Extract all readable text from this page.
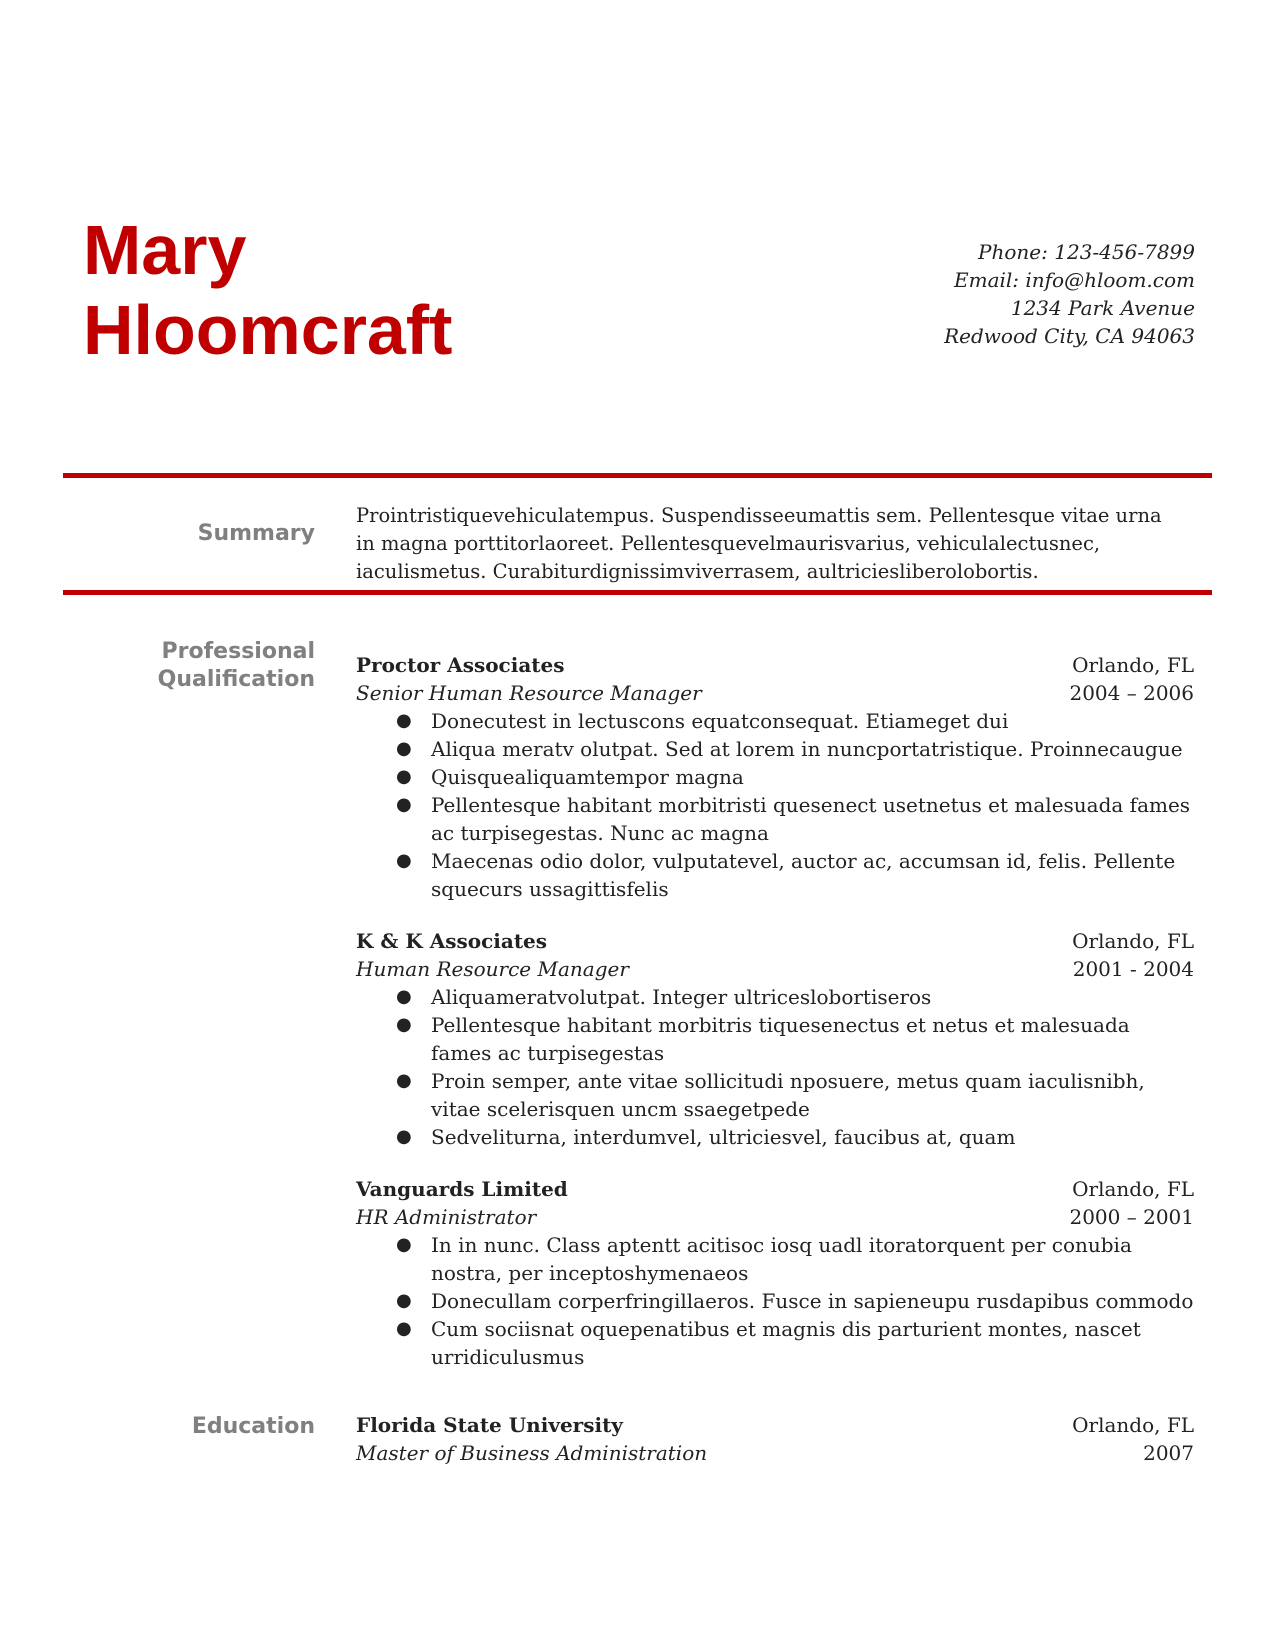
Mary
Hloomcraft
Phone: 123-456-7899
Email: info@hloom.com
1234 Park Avenue
Redwood City, CA 94063
Summary
Prointristiquevehiculatempus. Suspendisseeumattis sem. Pellentesque vitae urna in magna porttitorlaoreet. Pellentesquevelmaurisvarius, vehiculalectusnec, iaculismetus. Curabiturdignissimviverrasem, aultriciesliberolobortis.
Professional
Qualification
Proctor Associates	Orlando, FL
Senior Human Resource Manager	2004 – 2006
● Donecutest in lectuscons equatconsequat. Etiameget dui
● Aliqua meratv olutpat. Sed at lorem in nuncportatristique. Proinnecaugue
● Quisquealiquamtempor magna
● Pellentesque habitant morbitristi quesenect usetnetus et malesuada fames ac turpisegestas. Nunc ac magna
● Maecenas odio dolor, vulputatevel, auctor ac, accumsan id, felis. Pellente squecurs ussagittisfelis
K & K Associates	Orlando, FL
Human Resource Manager	2001 - 2004
● Aliquameratvolutpat. Integer ultriceslobortiseros
● Pellentesque habitant morbitris tiquesenectus et netus et malesuada fames ac turpisegestas
● Proin semper, ante vitae sollicitudi nposuere, metus quam iaculisnibh, vitae scelerisquen uncm ssaegetpede
● Sedveliturna, interdumvel, ultriciesvel, faucibus at, quam
Vanguards Limited	Orlando, FL
HR Administrator	2000 – 2001
● In in nunc. Class aptentt acitisoc iosq uadl itoratorquent per conubia nostra, per inceptoshymenaeos
● Donecullam corperfringillaeros. Fusce in sapieneupu rusdapibus commodo
● Cum sociisnat oquepenatibus et magnis dis parturient montes, nascet urridiculusmus
Education Florida State University	Orlando, FL
Master of Business Administration	2007
